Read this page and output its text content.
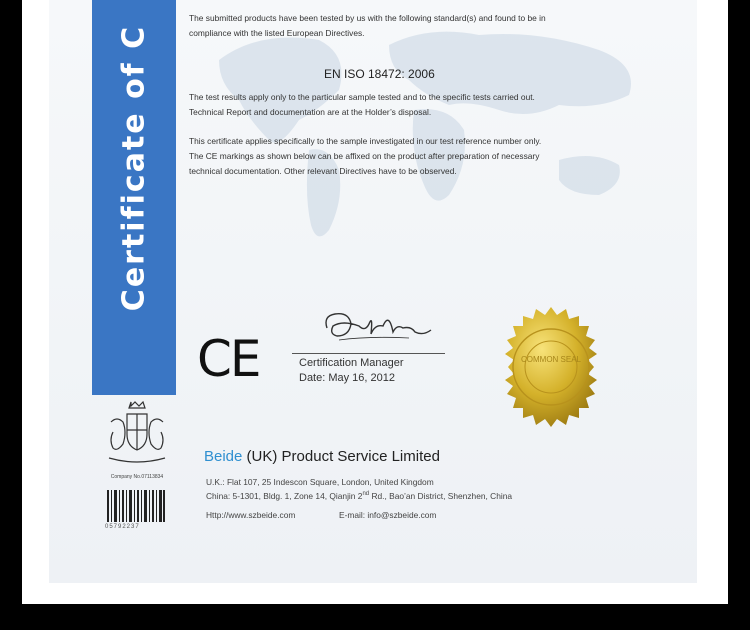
Certificate of C
The submitted products have been tested by us with the following standard(s) and found to be in
compliance with the listed European Directives.
EN ISO 18472: 2006
The test results apply only to the particular sample tested and to the specific tests carried out.
Technical Report and documentation are at the Holder’s disposal.
This certificate applies specifically to the sample investigated in our test reference number only.
The CE markings as shown below can be affixed on the product after preparation of necessary
technical documentation. Other relevant Directives have to be observed.
CE	Certification Manager
Date: May 16, 2012
COMMON SEAL
Company No.07113834
05792237
Beide (UK) Product Service Limited
U.K.: Flat 107, 25 Indescon Square, London, United Kingdom
China: 5-1301, Bldg. 1, Zone 14, Qianjin 2nd Rd., Bao’an District, Shenzhen, China
Http://www.szbeide.com	E-mail: info@szbeide.com
